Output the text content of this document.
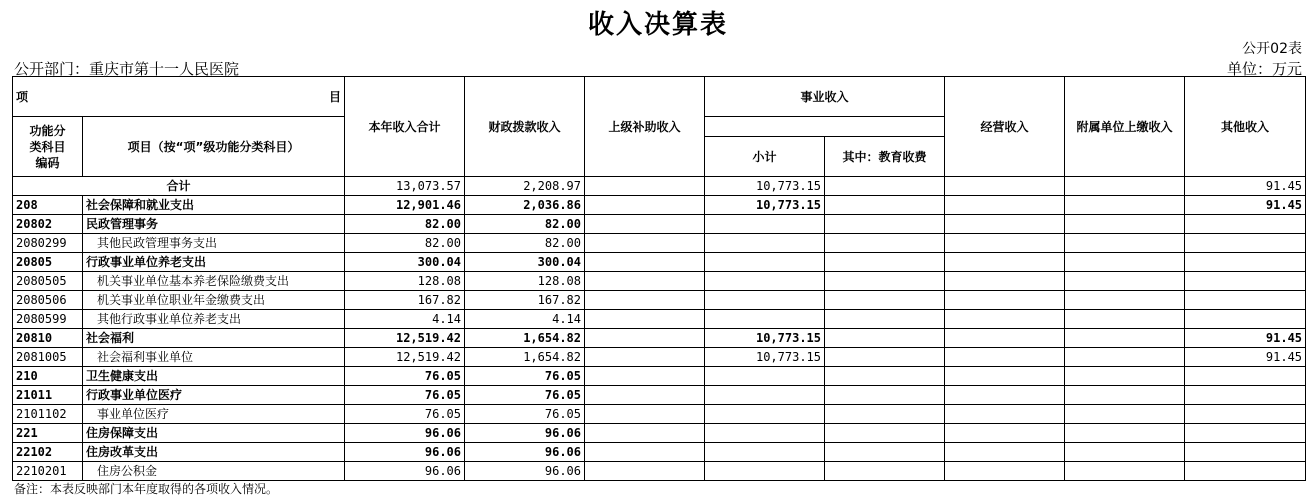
收入决算表
公开02表
公开部门：重庆市第十一人民医院	单位：万元
项 目		本年收入合计	财政拨款收入	上级补助收入	事业收入		经营收入	附属单位上缴收入	其他收入
功能分类科目编码	项目（按“项”级功能分类科目）								
					小计	其中：教育收费			
合计		13,073.57	2,208.97		10,773.15				91.45
208	社会保障和就业支出	12,901.46	2,036.86		10,773.15				91.45
20802	民政管理事务	82.00	82.00						
2080299	其他民政管理事务支出	82.00	82.00						
20805	行政事业单位养老支出	300.04	300.04						
2080505	机关事业单位基本养老保险缴费支出	128.08	128.08						
2080506	机关事业单位职业年金缴费支出	167.82	167.82						
2080599	其他行政事业单位养老支出	4.14	4.14						
20810	社会福利	12,519.42	1,654.82		10,773.15				91.45
2081005	社会福利事业单位	12,519.42	1,654.82		10,773.15				91.45
210	卫生健康支出	76.05	76.05						
21011	行政事业单位医疗	76.05	76.05						
2101102	事业单位医疗	76.05	76.05						
221	住房保障支出	96.06	96.06						
22102	住房改革支出	96.06	96.06						
2210201	住房公积金	96.06	96.06						
备注：本表反映部门本年度取得的各项收入情况。
